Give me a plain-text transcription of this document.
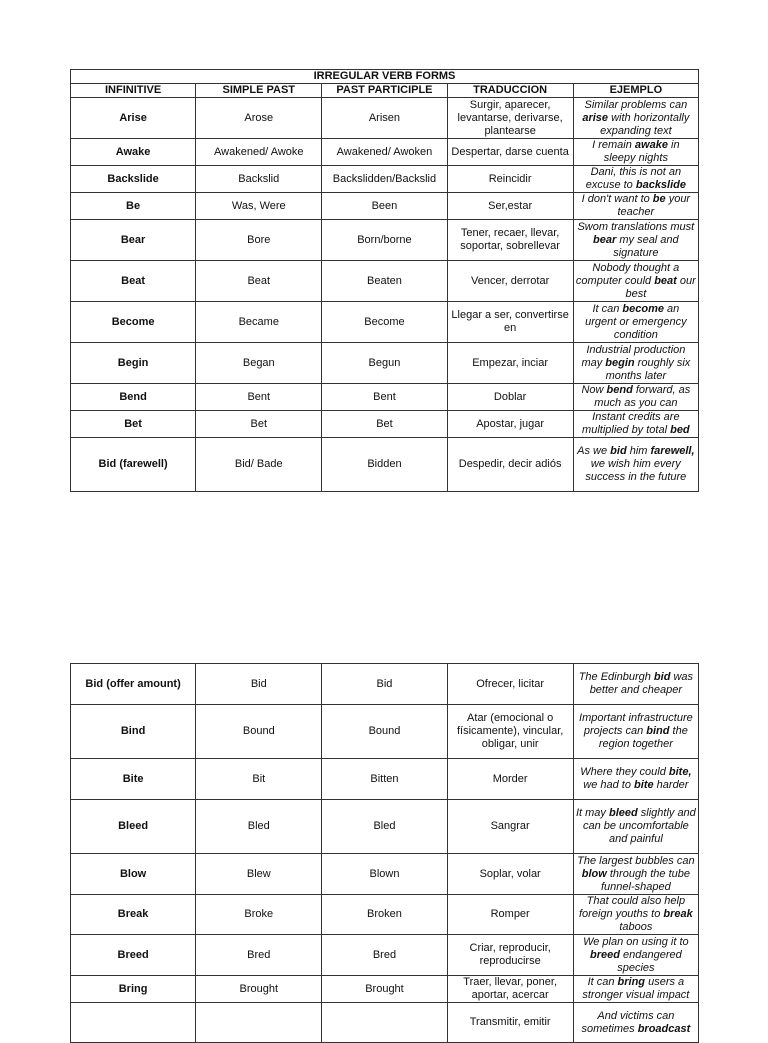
IRREGULAR VERB FORMS				
INFINITIVE	SIMPLE PAST	PAST PARTICIPLE	TRADUCCION	EJEMPLO
Arise	Arose	Arisen	Surgir, aparecer, levantarse, derivarse, plantearse	Similar problems can arise with horizontally expanding text
Awake	Awakened/ Awoke	Awakened/ Awoken	Despertar, darse cuenta	I remain awake in sleepy nights
Backslide	Backslid	Backslidden/Backslid	Reincidir	Dani, this is not an excuse to backslide
Be	Was, Were	Been	Ser,estar	I don't want to be your teacher
Bear	Bore	Born/borne	Tener, recaer, llevar, soportar, sobrellevar	Swom translations must bear my seal and signature
Beat	Beat	Beaten	Vencer, derrotar	Nobody thought a computer could beat our best
Become	Became	Become	Llegar a ser, convertirse en	It can become an urgent or emergency condition
Begin	Began	Begun	Empezar, inciar	Industrial production may begin roughly six months later
Bend	Bent	Bent	Doblar	Now bend forward, as much as you can
Bet	Bet	Bet	Apostar, jugar	Instant credits are multiplied by total bed
Bid (farewell)	Bid/ Bade	Bidden	Despedir, decir adiós	As we bid him farewell, we wish him every success in the future
Bid (offer amount)	Bid	Bid	Ofrecer, licitar	The Edinburgh bid was better and cheaper
Bind	Bound	Bound	Atar (emocional o físicamente), vincular, obligar, unir	Important infrastructure projects can bind the region together
Bite	Bit	Bitten	Morder	Where they could bite, we had to bite harder
Bleed	Bled	Bled	Sangrar	It may bleed slightly and can be uncomfortable and painful
Blow	Blew	Blown	Soplar, volar	The largest bubbles can blow through the tube funnel-shaped
Break	Broke	Broken	Romper	That could also help foreign youths to break taboos
Breed	Bred	Bred	Criar, reproducir, reproducirse	We plan on using it to breed endangered species
Bring	Brought	Brought	Traer, llevar, poner, aportar, acercar	It can bring users a stronger visual impact
			Transmitir, emitir	And victims can sometimes broadcast
